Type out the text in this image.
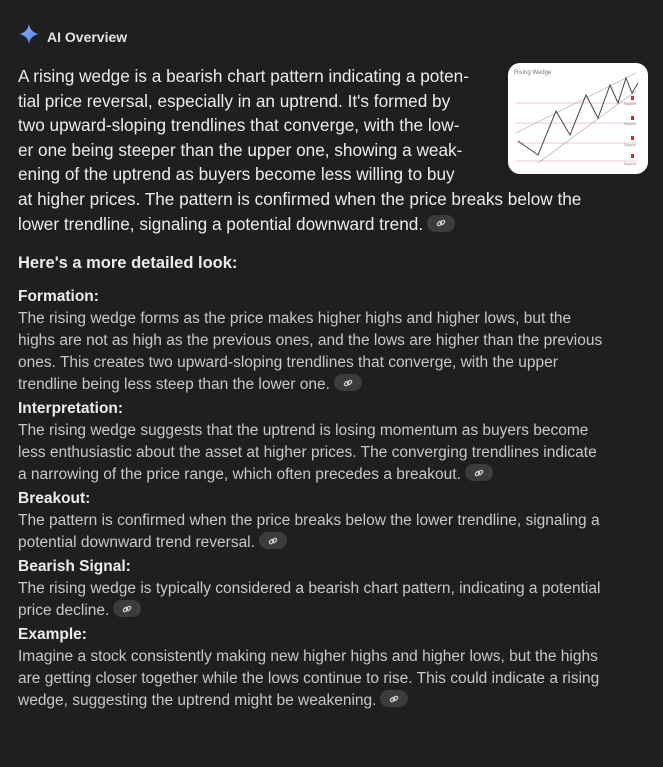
AI Overview
Rising Wedge
Support
Support
Support
Support
A rising wedge is a bearish chart pattern indicating a poten-
tial price reversal, especially in an uptrend. It's formed by
two upward-sloping trendlines that converge, with the low-
er one being steeper than the upper one, showing a weak-
ening of the uptrend as buyers become less willing to buy
at higher prices. The pattern is confirmed when the price breaks below the
lower trendline, signaling a potential downward trend.
Here's a more detailed look:
Formation:
The rising wedge forms as the price makes higher highs and higher lows, but the
highs are not as high as the previous ones, and the lows are higher than the previous
ones. This creates two upward-sloping trendlines that converge, with the upper
trendline being less steep than the lower one.
Interpretation:
The rising wedge suggests that the uptrend is losing momentum as buyers become
less enthusiastic about the asset at higher prices. The converging trendlines indicate
a narrowing of the price range, which often precedes a breakout.
Breakout:
The pattern is confirmed when the price breaks below the lower trendline, signaling a
potential downward trend reversal.
Bearish Signal:
The rising wedge is typically considered a bearish chart pattern, indicating a potential
price decline.
Example:
Imagine a stock consistently making new higher highs and higher lows, but the highs
are getting closer together while the lows continue to rise. This could indicate a rising
wedge, suggesting the uptrend might be weakening.
